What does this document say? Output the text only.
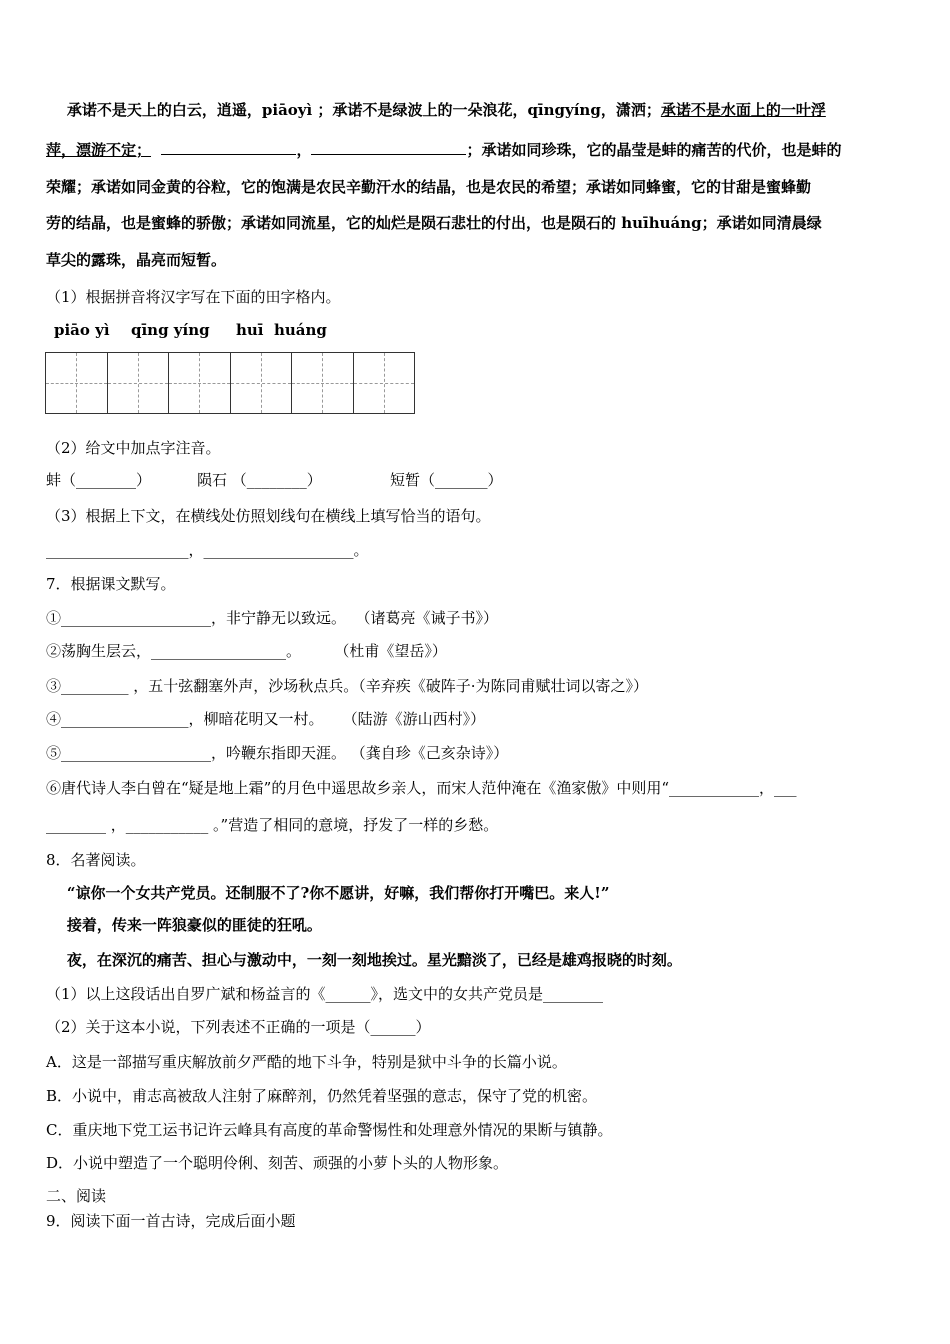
承诺不是天上的白云，逍遥，piāoyì ；承诺不是绿波上的一朵浪花，qīngyíng，潇洒；承诺不是水面上的一叶浮
萍，漂游不定；	，	；承诺如同珍珠，它的晶莹是蚌的痛苦的代价，也是蚌的
荣耀；承诺如同金黄的谷粒，它的饱满是农民辛勤汗水的结晶，也是农民的希望；承诺如同蜂蜜，它的甘甜是蜜蜂勤
劳的结晶，也是蜜蜂的骄傲；承诺如同流星，它的灿烂是陨石悲壮的付出，也是陨石的 huīhuáng；承诺如同清晨绿
草尖的露珠，晶亮而短暂。
（1）根据拼音将汉字写在下面的田字格内。
piāo yì qīng yíng huī  huáng
（2）给文中加点字注音。
蚌（________）	陨石 （________）	短暂（_______）
（3）根据上下文，在横线处仿照划线句在横线上填写恰当的语句。
___________________，____________________。
7．根据课文默写。
①____________________，非宁静无以致远。  （诸葛亮《诫子书》）
②荡胸生层云，__________________。       （杜甫《望岳》）
③_________ ，五十弦翻塞外声，沙场秋点兵。（辛弃疾《破阵子·为陈同甫赋壮词以寄之》）
④_________________，柳暗花明又一村。    （陆游《游山西村》）
⑤____________________，吟鞭东指即天涯。 （龚自珍《己亥杂诗》）
⑥唐代诗人李白曾在“疑是地上霜”的月色中遥思故乡亲人，而宋人范仲淹在《渔家傲》中则用“____________，___
________ ，___________ 。”营造了相同的意境，抒发了一样的乡愁。
8．名著阅读。
“谅你一个女共产党员。还制服不了?你不愿讲，好嘛，我们帮你打开嘴巴。来人!”
接着，传来一阵狼豪似的匪徒的狂吼。
夜，在深沉的痛苦、担心与激动中，一刻一刻地挨过。星光黯淡了，已经是雄鸡报晓的时刻。
（1）以上这段话出自罗广斌和杨益言的《______》，选文中的女共产党员是________
（2）关于这本小说，下列表述不正确的一项是（______）
A．这是一部描写重庆解放前夕严酷的地下斗争，特别是狱中斗争的长篇小说。
B．小说中，甫志高被敌人注射了麻醉剂，仍然凭着坚强的意志，保守了党的机密。
C．重庆地下党工运书记许云峰具有高度的革命警惕性和处理意外情况的果断与镇静。
D．小说中塑造了一个聪明伶俐、刻苦、顽强的小萝卜头的人物形象。
二、阅读
9．阅读下面一首古诗，完成后面小题
